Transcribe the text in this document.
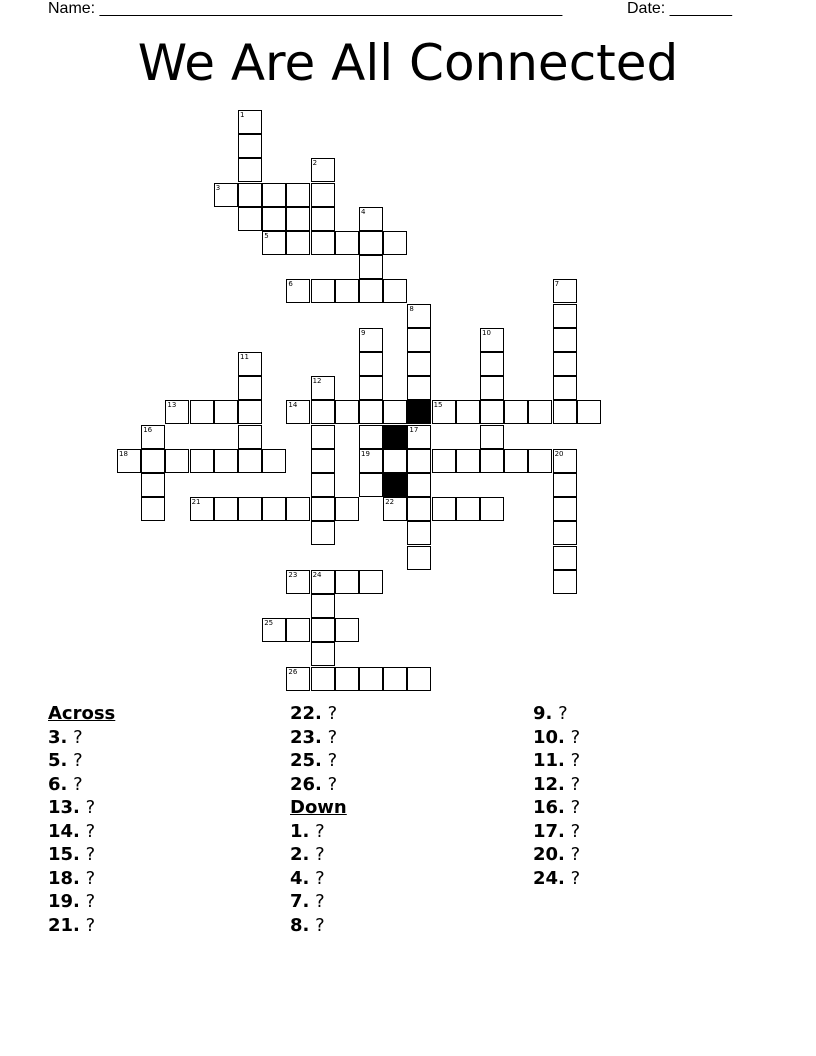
Name: ____________________________________________________	Date: _______
We Are All Connected
1
2
3
4
5
6	7
8
9	10
11
12
13	14	15
16	17
18	19	20
21	22
23 24
25
26
Across
3. ?
5. ?
6. ?
13. ?
14. ?
15. ?
18. ?
19. ?
21. ?
22. ?
23. ?
25. ?
26. ?
Down
1. ?
2. ?
4. ?
7. ?
8. ?
9. ?
10. ?
11. ?
12. ?
16. ?
17. ?
20. ?
24. ?
